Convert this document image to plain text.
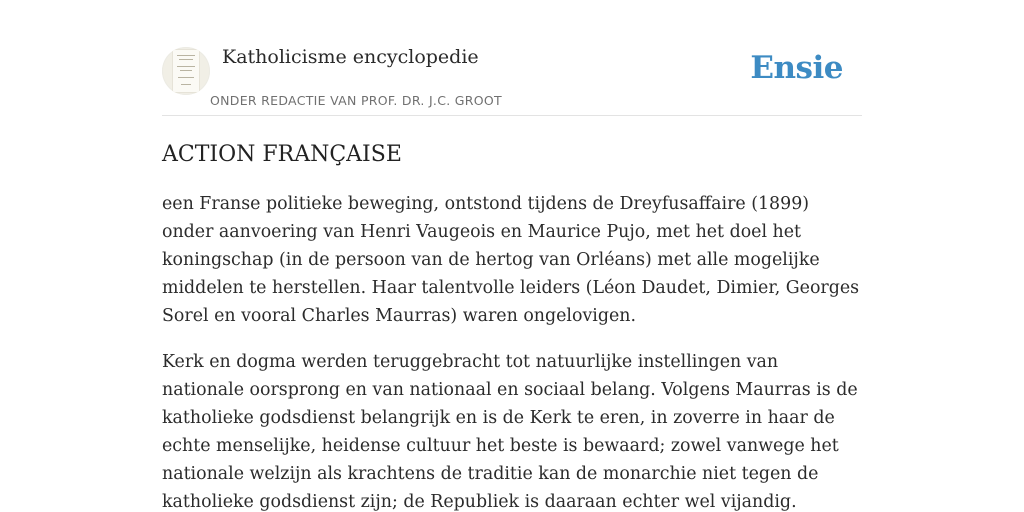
Katholicisme encyclopedie
ONDER REDACTIE VAN PROF. DR. J.C. GROOT
Ensie
ACTION FRANÇAISE

een Franse politieke beweging, ontstond tijdens de Dreyfusaffaire (1899) onder aanvoering van Henri Vaugeois en Maurice Pujo, met het doel het koningschap (in de persoon van de hertog van Orléans) met alle mogelijke middelen te herstellen. Haar talentvolle leiders (Léon Daudet, Dimier, Georges Sorel en vooral Charles Maurras) waren ongelovigen.

Kerk en dogma werden teruggebracht tot natuurlijke instellingen van nationale oorsprong en van nationaal en sociaal belang. Volgens Maurras is de katholieke godsdienst belangrijk en is de Kerk te eren, in zoverre in haar de echte menselijke, heidense cultuur het beste is bewaard; zowel vanwege het nationale welzijn als krachtens de traditie kan de monarchie niet tegen de katholieke godsdienst zijn; de Republiek is daaraan echter wel vijandig.
